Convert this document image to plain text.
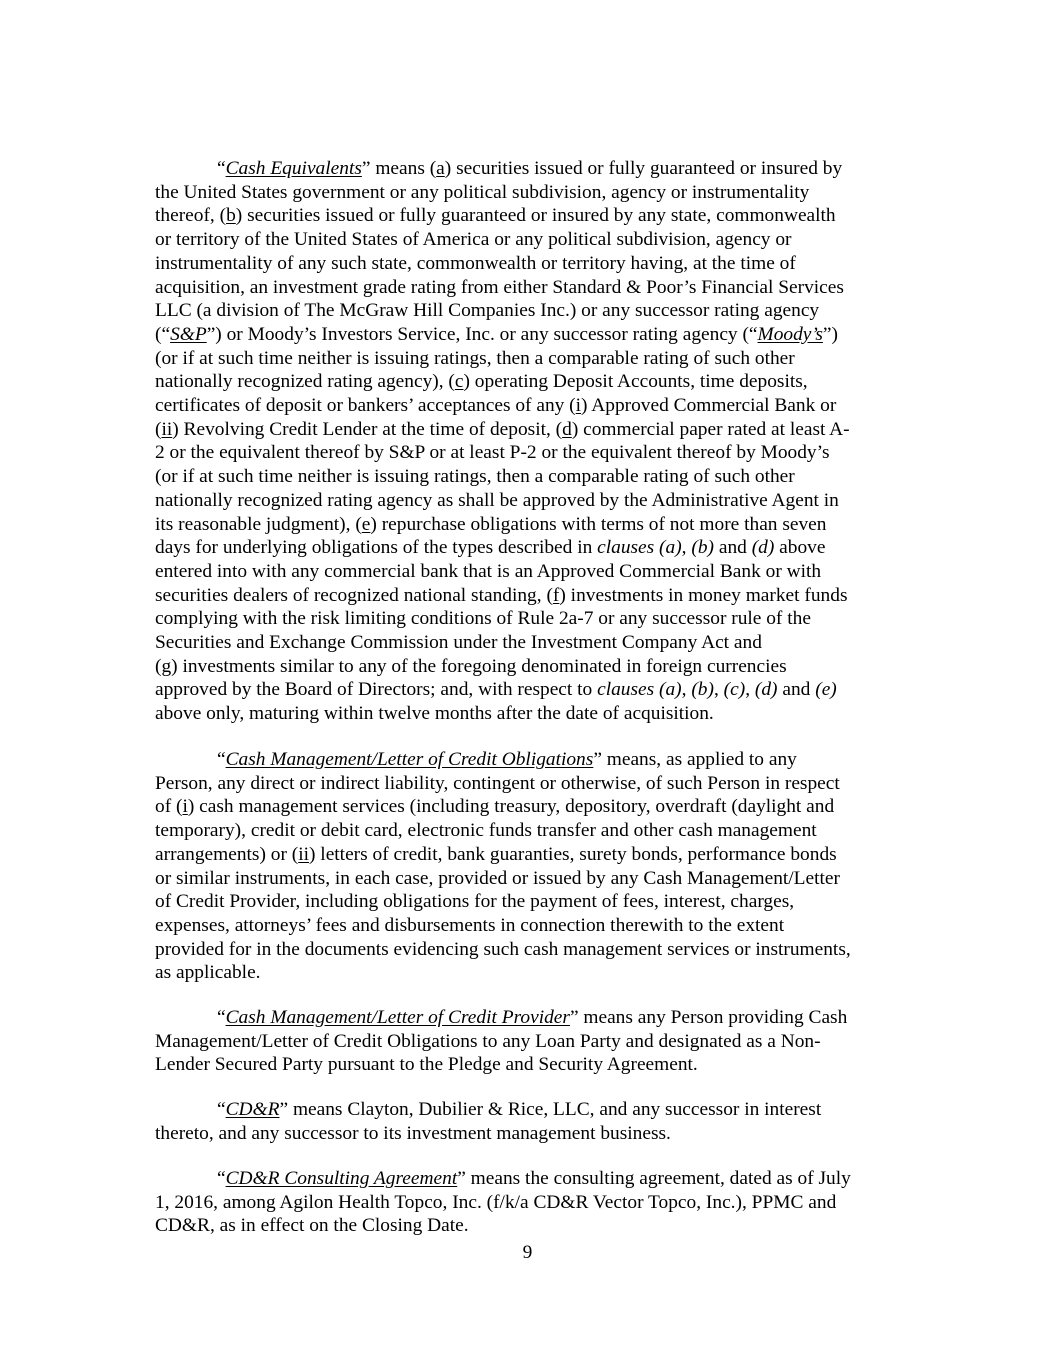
“Cash Equivalents” means (a) securities issued or fully guaranteed or insured by
the United States government or any political subdivision, agency or instrumentality
thereof, (b) securities issued or fully guaranteed or insured by any state, commonwealth
or territory of the United States of America or any political subdivision, agency or
instrumentality of any such state, commonwealth or territory having, at the time of
acquisition, an investment grade rating from either Standard & Poor’s Financial Services
LLC (a division of The McGraw Hill Companies Inc.) or any successor rating agency
(“S&P”) or Moody’s Investors Service, Inc. or any successor rating agency (“Moody’s”)
(or if at such time neither is issuing ratings, then a comparable rating of such other
nationally recognized rating agency), (c) operating Deposit Accounts, time deposits,
certificates of deposit or bankers’ acceptances of any (i) Approved Commercial Bank or
(ii) Revolving Credit Lender at the time of deposit, (d) commercial paper rated at least A-
2 or the equivalent thereof by S&P or at least P-2 or the equivalent thereof by Moody’s
(or if at such time neither is issuing ratings, then a comparable rating of such other
nationally recognized rating agency as shall be approved by the Administrative Agent in
its reasonable judgment), (e) repurchase obligations with terms of not more than seven
days for underlying obligations of the types described in clauses (a), (b) and (d) above
entered into with any commercial bank that is an Approved Commercial Bank or with
securities dealers of recognized national standing, (f) investments in money market funds
complying with the risk limiting conditions of Rule 2a-7 or any successor rule of the
Securities and Exchange Commission under the Investment Company Act and
(g) investments similar to any of the foregoing denominated in foreign currencies
approved by the Board of Directors; and, with respect to clauses (a), (b), (c), (d) and (e)
above only, maturing within twelve months after the date of acquisition.

“Cash Management/Letter of Credit Obligations” means, as applied to any
Person, any direct or indirect liability, contingent or otherwise, of such Person in respect
of (i) cash management services (including treasury, depository, overdraft (daylight and
temporary), credit or debit card, electronic funds transfer and other cash management
arrangements) or (ii) letters of credit, bank guaranties, surety bonds, performance bonds
or similar instruments, in each case, provided or issued by any Cash Management/Letter
of Credit Provider, including obligations for the payment of fees, interest, charges,
expenses, attorneys’ fees and disbursements in connection therewith to the extent
provided for in the documents evidencing such cash management services or instruments,
as applicable.

“Cash Management/Letter of Credit Provider” means any Person providing Cash
Management/Letter of Credit Obligations to any Loan Party and designated as a Non-
Lender Secured Party pursuant to the Pledge and Security Agreement.

“CD&R” means Clayton, Dubilier & Rice, LLC, and any successor in interest
thereto, and any successor to its investment management business.

“CD&R Consulting Agreement” means the consulting agreement, dated as of July
1, 2016, among Agilon Health Topco, Inc. (f/k/a CD&R Vector Topco, Inc.), PPMC and
CD&R, as in effect on the Closing Date.

9
